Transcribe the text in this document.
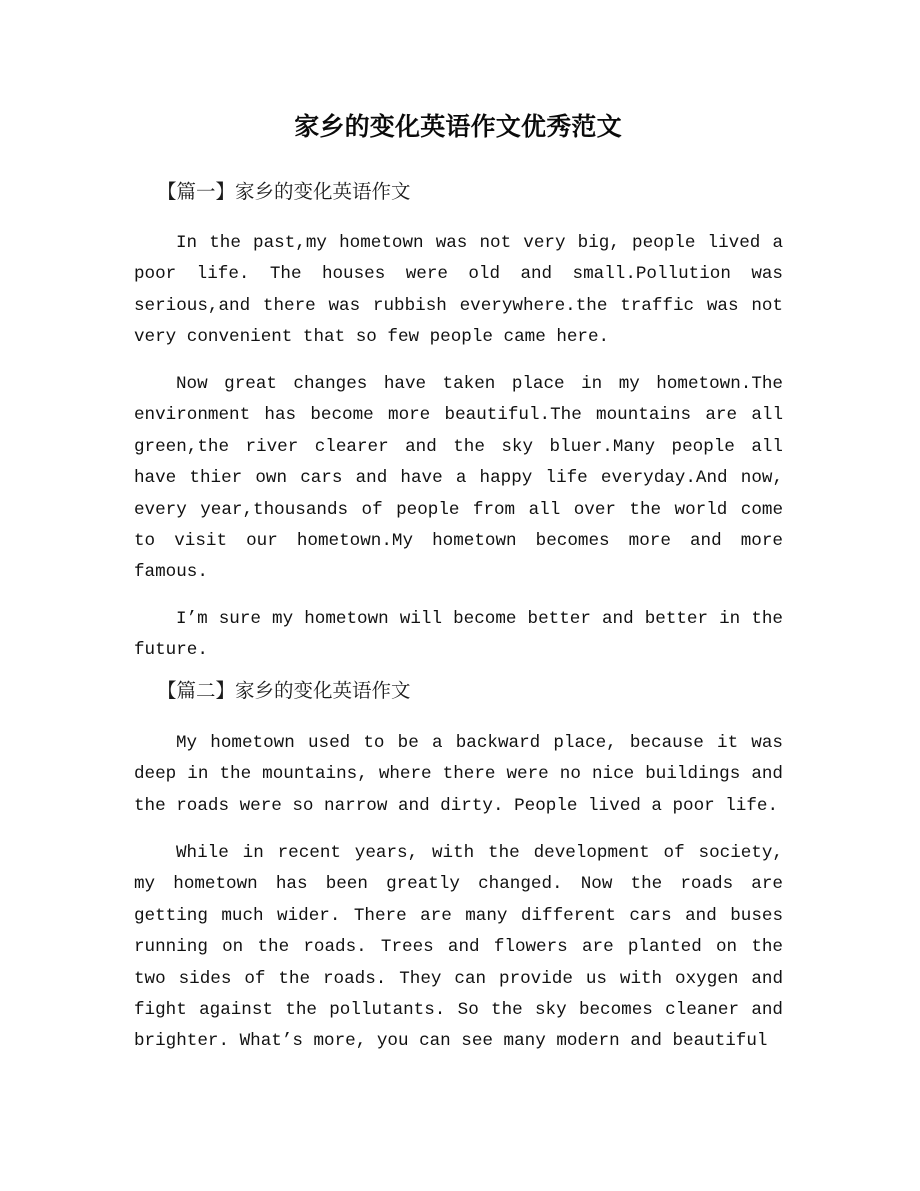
家乡的变化英语作文优秀范文
【篇一】家乡的变化英语作文

In the past,my hometown was not very big, people lived a poor life. The houses were old and small.Pollution was serious,and there was rubbish everywhere.the traffic was not very convenient that so few people came here.

Now great changes have taken place in my hometown.The environment has become more beautiful.The mountains are all green,the river clearer and the sky bluer.Many people all have thier own cars and have a happy life everyday.And now, every year,thousands of people from all over the world come to visit our hometown.My hometown becomes more and more famous.

I’m sure my hometown will become better and better in the future.

【篇二】家乡的变化英语作文

My hometown used to be a backward place, because it was deep in the mountains, where there were no nice buildings and the roads were so narrow and dirty. People lived a poor life.

While in recent years, with the development of society, my hometown has been greatly changed. Now the roads are getting much wider. There are many different cars and buses running on the roads. Trees and flowers are planted on the two sides of the roads. They can provide us with oxygen and fight against the pollutants. So the sky becomes cleaner and brighter. What’s more, you can see many modern and beautiful
